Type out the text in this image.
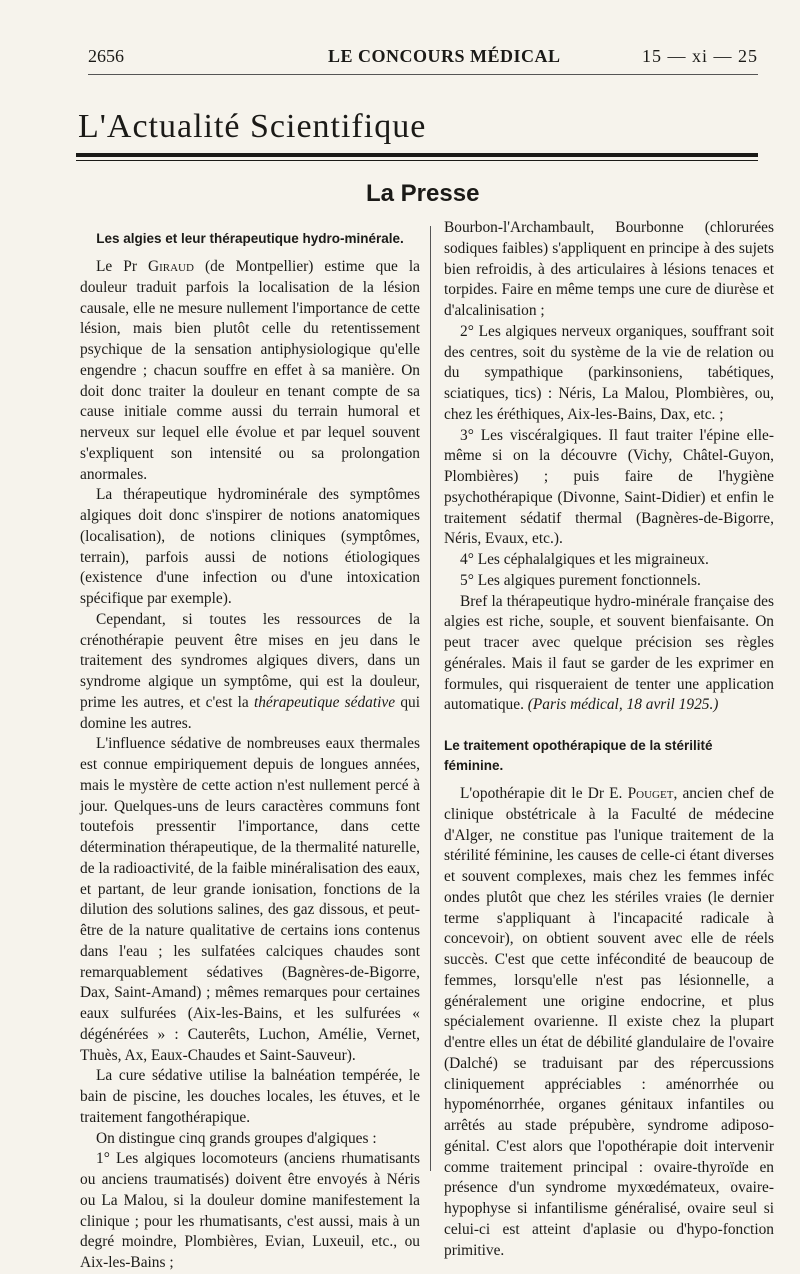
2656	LE CONCOURS MÉDICAL	15 — xi — 25
L'Actualité Scientifique
La Presse
Les algies et leur thérapeutique hydro-minérale.

Le Pr Giraud (de Montpellier) estime que la douleur traduit parfois la localisation de la lésion causale, elle ne mesure nullement l'importance de cette lésion, mais bien plutôt celle du retentissement psychique de la sensation antiphysiologique qu'elle engendre ; chacun souffre en effet à sa manière. On doit donc traiter la douleur en tenant compte de sa cause initiale comme aussi du terrain humoral et nerveux sur lequel elle évolue et par lequel souvent s'expliquent son intensité ou sa prolongation anormales.

La thérapeutique hydrominérale des symptômes algiques doit donc s'inspirer de notions anatomiques (localisation), de notions cliniques (symptômes, terrain), parfois aussi de notions étiologiques (existence d'une infection ou d'une intoxication spécifique par exemple).

Cependant, si toutes les ressources de la crénothérapie peuvent être mises en jeu dans le traitement des syndromes algiques divers, dans un syndrome algique un symptôme, qui est la douleur, prime les autres, et c'est la thérapeutique sédative qui domine les autres.

L'influence sédative de nombreuses eaux thermales est connue empiriquement depuis de longues années, mais le mystère de cette action n'est nullement percé à jour. Quelques-uns de leurs caractères communs font toutefois pressentir l'importance, dans cette détermination thérapeutique, de la thermalité naturelle, de la radioactivité, de la faible minéralisation des eaux, et partant, de leur grande ionisation, fonctions de la dilution des solutions salines, des gaz dissous, et peut-être de la nature qualitative de certains ions contenus dans l'eau ; les sulfatées calciques chaudes sont remarquablement sédatives (Bagnères-de-Bigorre, Dax, Saint-Amand) ; mêmes remarques pour certaines eaux sulfurées (Aix-les-Bains, et les sulfurées « dégénérées » : Cauterêts, Luchon, Amélie, Vernet, Thuès, Ax, Eaux-Chaudes et Saint-Sauveur).

La cure sédative utilise la balnéation tempérée, le bain de piscine, les douches locales, les étuves, et le traitement fangothérapique.

On distingue cinq grands groupes d'algiques :

1° Les algiques locomoteurs (anciens rhumatisants ou anciens traumatisés) doivent être envoyés à Néris ou La Malou, si la douleur domine manifestement la clinique ; pour les rhumatisants, c'est aussi, mais à un degré moindre, Plombières, Evian, Luxeuil, etc., ou Aix-les-Bains ;

Bourbon-l'Archambault, Bourbonne (chlorurées sodiques faibles) s'appliquent en principe à des sujets bien refroidis, à des articulaires à lésions tenaces et torpides. Faire en même temps une cure de diurèse et d'alcalinisation ;

2° Les algiques nerveux organiques, souffrant soit des centres, soit du système de la vie de relation ou du sympathique (parkinsoniens, tabétiques, sciatiques, tics) : Néris, La Malou, Plombières, ou, chez les éréthiques, Aix-les-Bains, Dax, etc. ;

3° Les viscéralgiques. Il faut traiter l'épine elle-même si on la découvre (Vichy, Châtel-Guyon, Plombières) ; puis faire de l'hygiène psychothérapique (Divonne, Saint-Didier) et enfin le traitement sédatif thermal (Bagnères-de-Bigorre, Néris, Evaux, etc.).

4° Les céphalalgiques et les migraineux.

5° Les algiques purement fonctionnels.

Bref la thérapeutique hydro-minérale française des algies est riche, souple, et souvent bienfaisante. On peut tracer avec quelque précision ses règles générales. Mais il faut se garder de les exprimer en formules, qui risqueraient de tenter une application automatique. (Paris médical, 18 avril 1925.)

Le traitement opothérapique de la stérilité féminine.

L'opothérapie dit le Dr E. Pouget, ancien chef de clinique obstétricale à la Faculté de médecine d'Alger, ne constitue pas l'unique traitement de la stérilité féminine, les causes de celle-ci étant diverses et souvent complexes, mais chez les femmes inféc ondes plutôt que chez les stériles vraies (le dernier terme s'appliquant à l'incapacité radicale à concevoir), on obtient souvent avec elle de réels succès. C'est que cette infécondité de beaucoup de femmes, lorsqu'elle n'est pas lésionnelle, a généralement une origine endocrine, et plus spécialement ovarienne. Il existe chez la plupart d'entre elles un état de débilité glandulaire de l'ovaire (Dalché) se traduisant par des répercussions cliniquement appréciables : aménorrhée ou hypoménorrhée, organes génitaux infantiles ou arrêtés au stade prépubère, syndrome adiposo-génital. C'est alors que l'opothérapie doit intervenir comme traitement principal : ovaire-thyroïde en présence d'un syndrome myxœdémateux, ovaire-hypophyse si infantilisme généralisé, ovaire seul si celui-ci est atteint d'aplasie ou d'hypo-fonction primitive.
